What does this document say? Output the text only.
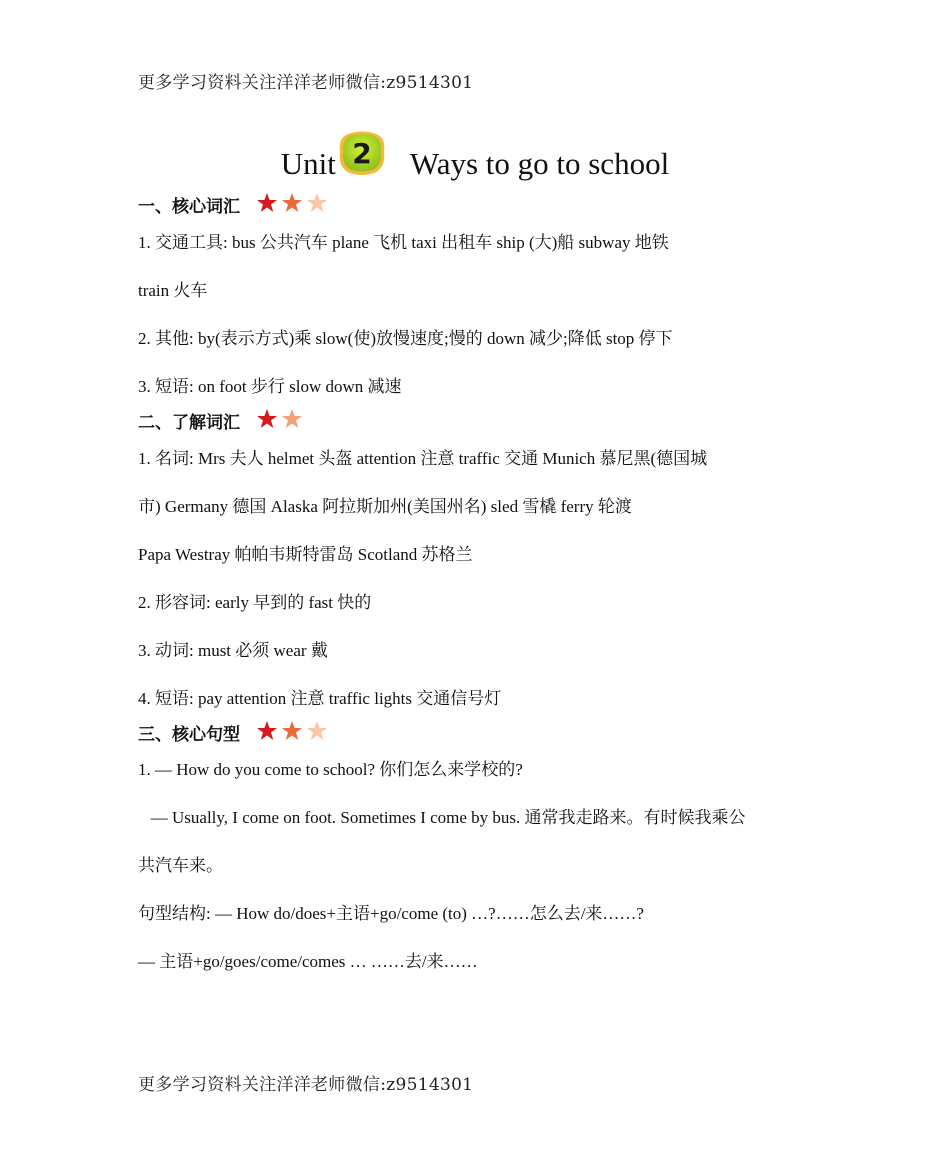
更多学习资料关注洋洋老师微信:z9514301
Unit 2 Ways to go to school
一、核心词汇
1. 交通工具: bus 公共汽车 plane 飞机 taxi 出租车 ship (大)船 subway 地铁
train 火车
2. 其他: by(表示方式)乘 slow(使)放慢速度;慢的 down 减少;降低 stop 停下
3. 短语: on foot 步行 slow down 减速
二、了解词汇
1. 名词: Mrs 夫人 helmet 头盔 attention 注意 traffic 交通 Munich 慕尼黑(德国城
市) Germany 德国 Alaska 阿拉斯加州(美国州名) sled 雪橇 ferry 轮渡
Papa Westray 帕帕韦斯特雷岛 Scotland 苏格兰
2. 形容词: early 早到的 fast 快的
3. 动词: must 必须 wear 戴
4. 短语: pay attention 注意 traffic lights 交通信号灯
三、核心句型
1. — How do you come to school? 你们怎么来学校的?
— Usually, I come on foot. Sometimes I come by bus. 通常我走路来。有时候我乘公
共汽车来。
句型结构: — How do/does+主语+go/come (to) …?……怎么去/来……?
— 主语+go/goes/come/comes … ……去/来……
更多学习资料关注洋洋老师微信:z9514301
